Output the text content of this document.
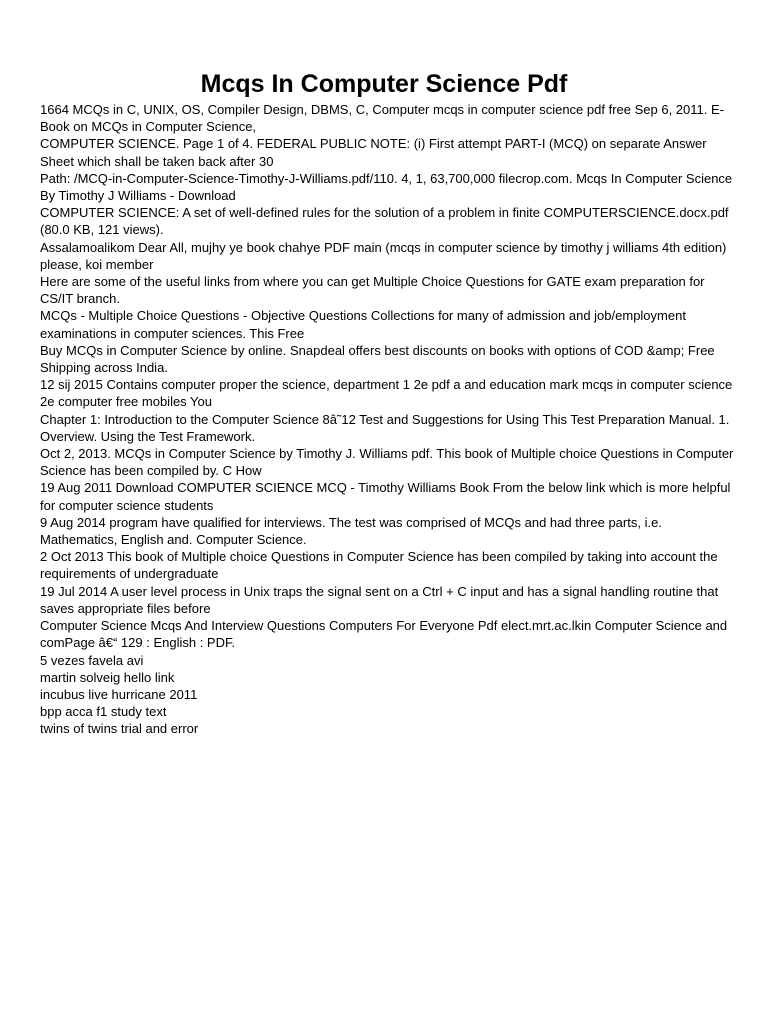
Mcqs In Computer Science Pdf

1664 MCQs in C, UNIX, OS, Compiler Design, DBMS, C, Computer mcqs in computer science pdf free Sep 6, 2011. E-Book on MCQs in Computer Science,

COMPUTER SCIENCE. Page 1 of 4. FEDERAL PUBLIC NOTE: (i) First attempt PART-I (MCQ) on separate Answer Sheet which shall be taken back after 30

Path: /MCQ-in-Computer-Science-Timothy-J-Williams.pdf/110. 4, 1, 63,700,000 filecrop.com. Mcqs In Computer Science By Timothy J Williams - Download

COMPUTER SCIENCE: A set of well-defined rules for the solution of a problem in finite COMPUTERSCIENCE.docx.pdf (80.0 KB, 121 views).

Assalamoalikom Dear All, mujhy ye book chahye PDF main (mcqs in computer science by timothy j williams 4th edition) please, koi member

Here are some of the useful links from where you can get Multiple Choice Questions for GATE exam preparation for CS/IT branch.

MCQs - Multiple Choice Questions - Objective Questions Collections for many of admission and job/employment examinations in computer sciences. This Free

Buy MCQs in Computer Science by online. Snapdeal offers best discounts on books with options of COD &amp; Free Shipping across India.

12 sij 2015 Contains computer proper the science, department 1 2e pdf a and education mark mcqs in computer science 2e computer free mobiles You

Chapter 1: Introduction to the Computer Science 8â˜12 Test and Suggestions for Using This Test Preparation Manual. 1. Overview. Using the Test Framework.

Oct 2, 2013. MCQs in Computer Science by Timothy J. Williams pdf. This book of Multiple choice Questions in Computer Science has been compiled by. C How

19 Aug 2011 Download COMPUTER SCIENCE MCQ - Timothy Williams Book From the below link which is more helpful for computer science students

9 Aug 2014 program have qualified for interviews. The test was comprised of MCQs and had three parts, i.e. Mathematics, English and. Computer Science.

2 Oct 2013 This book of Multiple choice Questions in Computer Science has been compiled by taking into account the requirements of undergraduate

19 Jul 2014 A user level process in Unix traps the signal sent on a Ctrl + C input and has a signal handling routine that saves appropriate files before

Computer Science Mcqs And Interview Questions Computers For Everyone Pdf elect.mrt.ac.lkin Computer Science and comPage â€“ 129 : English : PDF.

5 vezes favela avi

martin solveig hello link

incubus live hurricane 2011

bpp acca f1 study text

twins of twins trial and error
